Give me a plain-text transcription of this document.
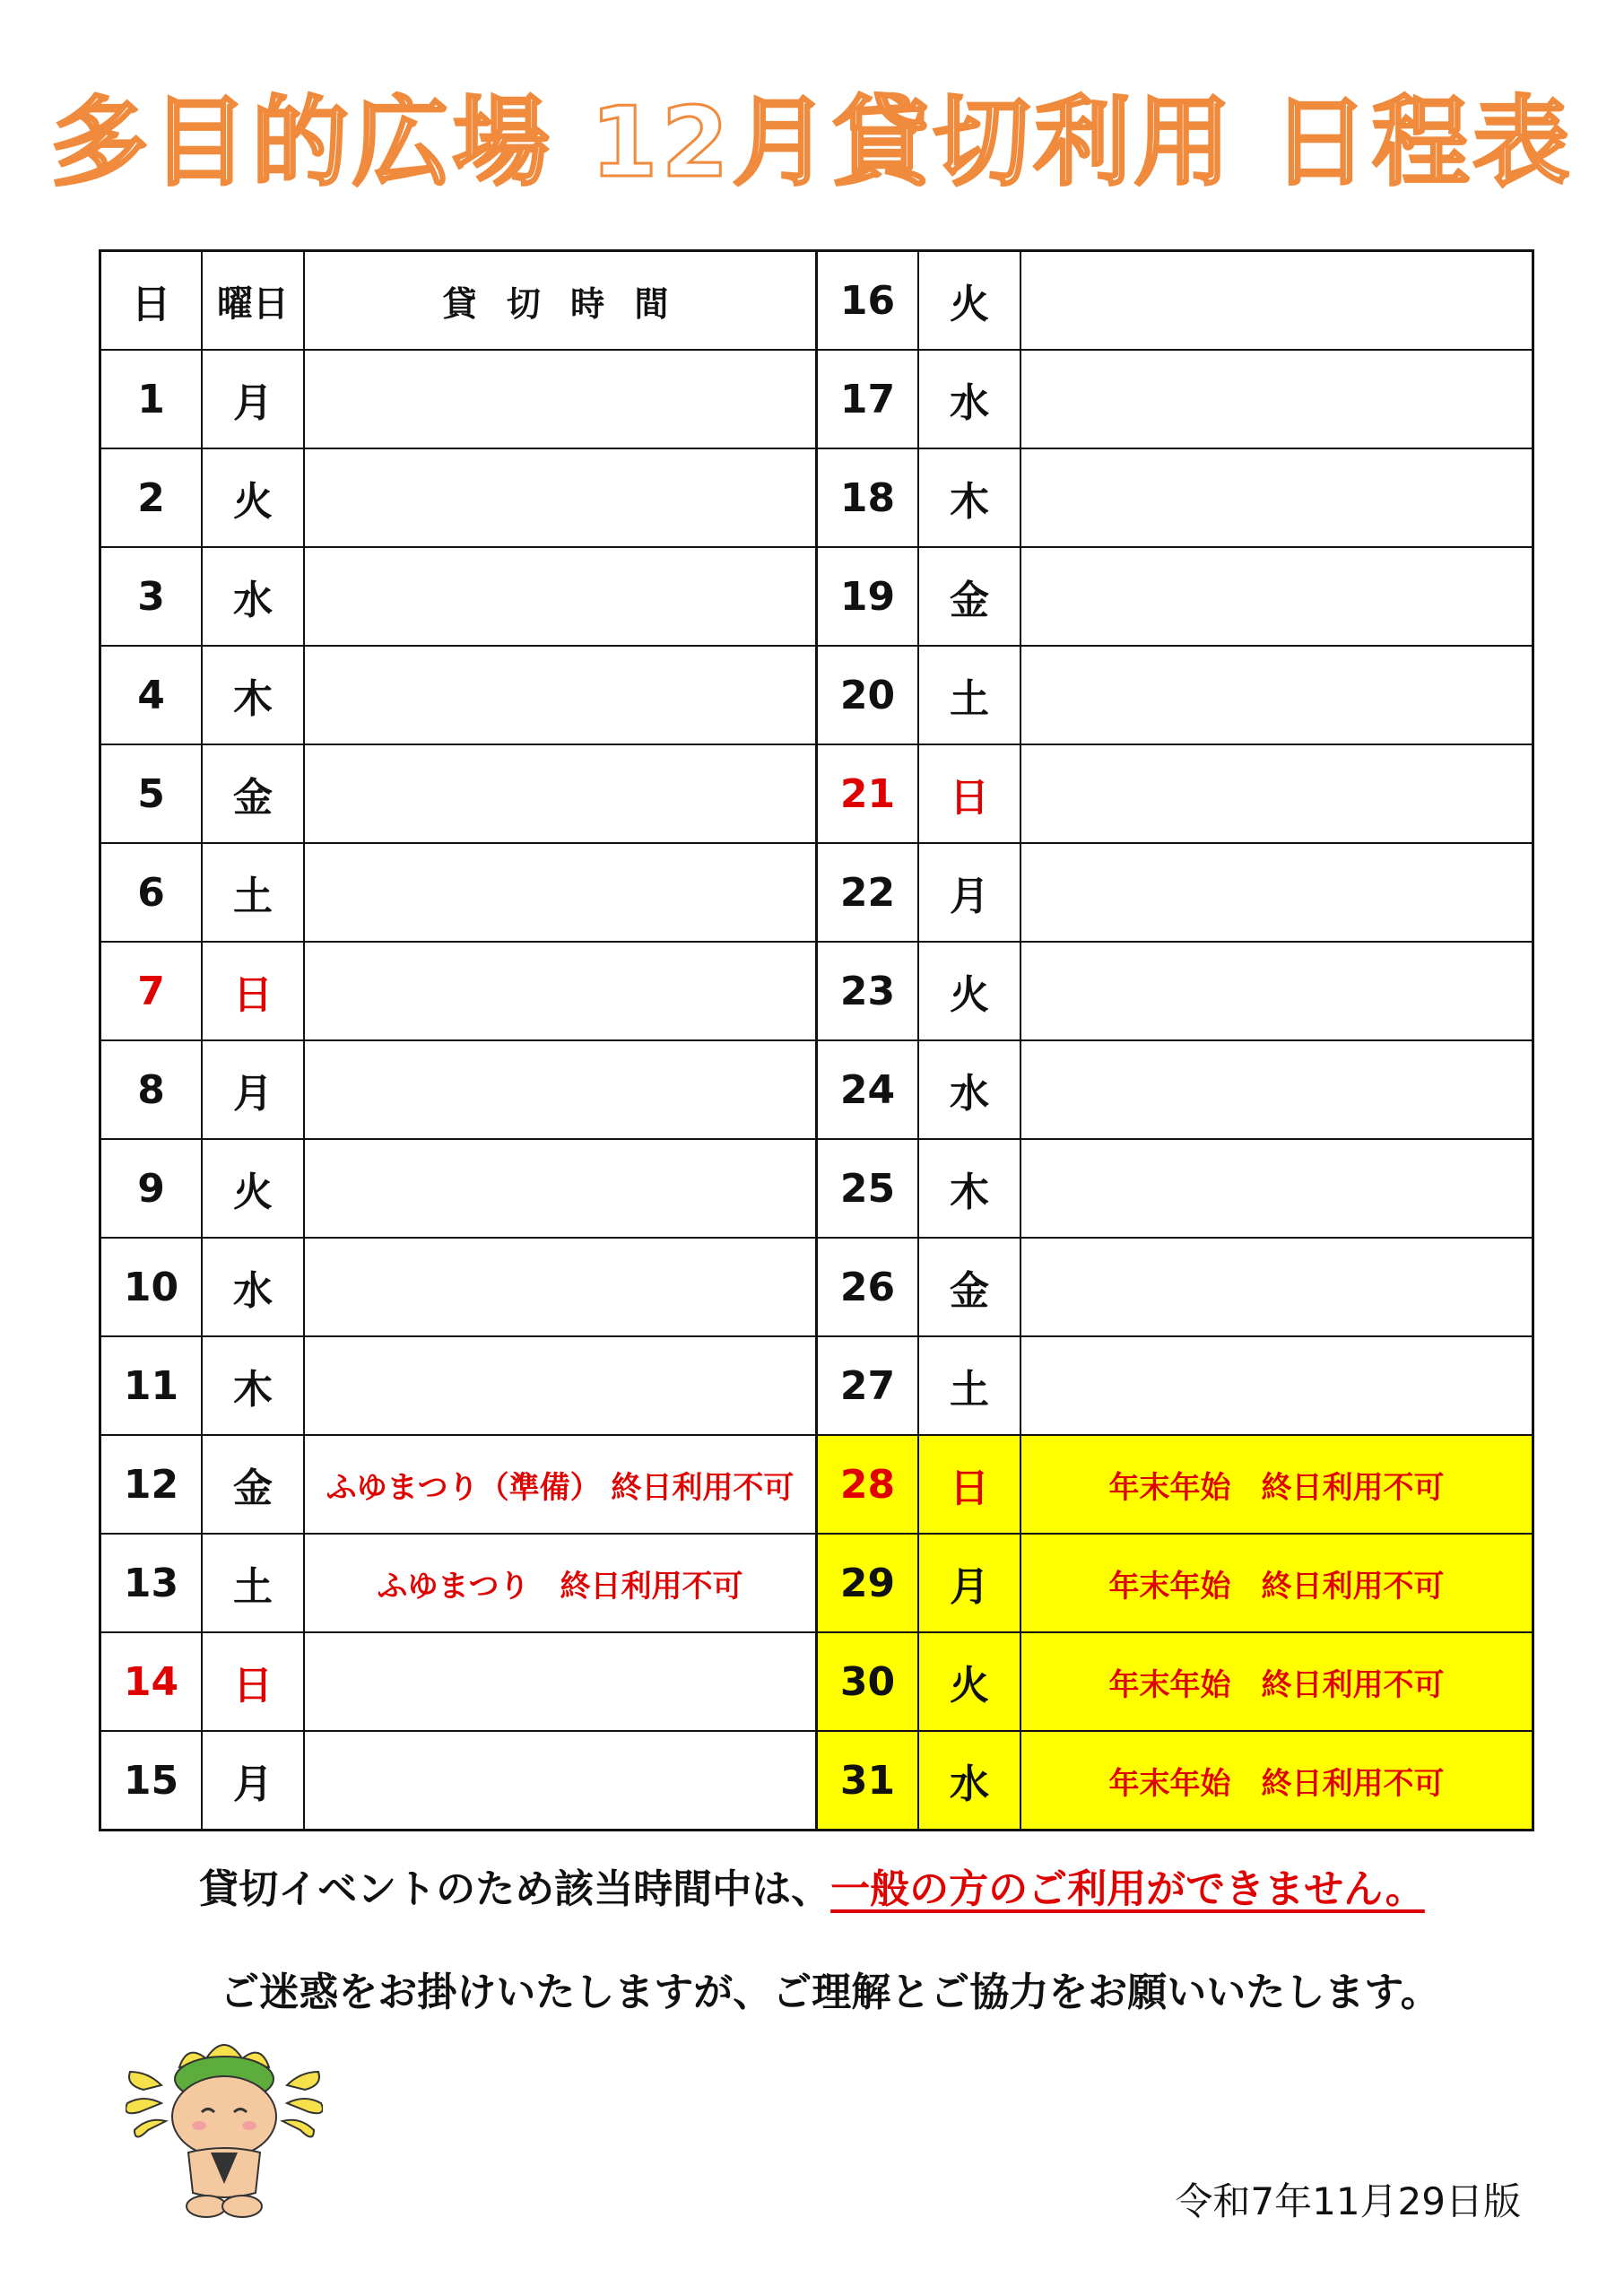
多目的広場 12月貸切利用 日程表
日	曜日	貸 切 時 間	16	火	
1	月		17	水	
2	火		18	木	
3	水		19	金	
4	木		20	土	
5	金		21	日	
6	土		22	月	
7	日		23	火	
8	月		24	水	
9	火		25	木	
10	水		26	金	
11	木		27	土	
12	金	ふゆまつり（準備） 終日利用不可	28	日	年末年始　終日利用不可
13	土	ふゆまつり　終日利用不可	29	月	年末年始　終日利用不可
14	日		30	火	年末年始　終日利用不可
15	月		31	水	年末年始　終日利用不可
貸切イベントのため該当時間中は、一般の方のご利用ができません。
ご迷惑をお掛けいたしますが、ご理解とご協力をお願いいたします。
令和7年11月29日版
